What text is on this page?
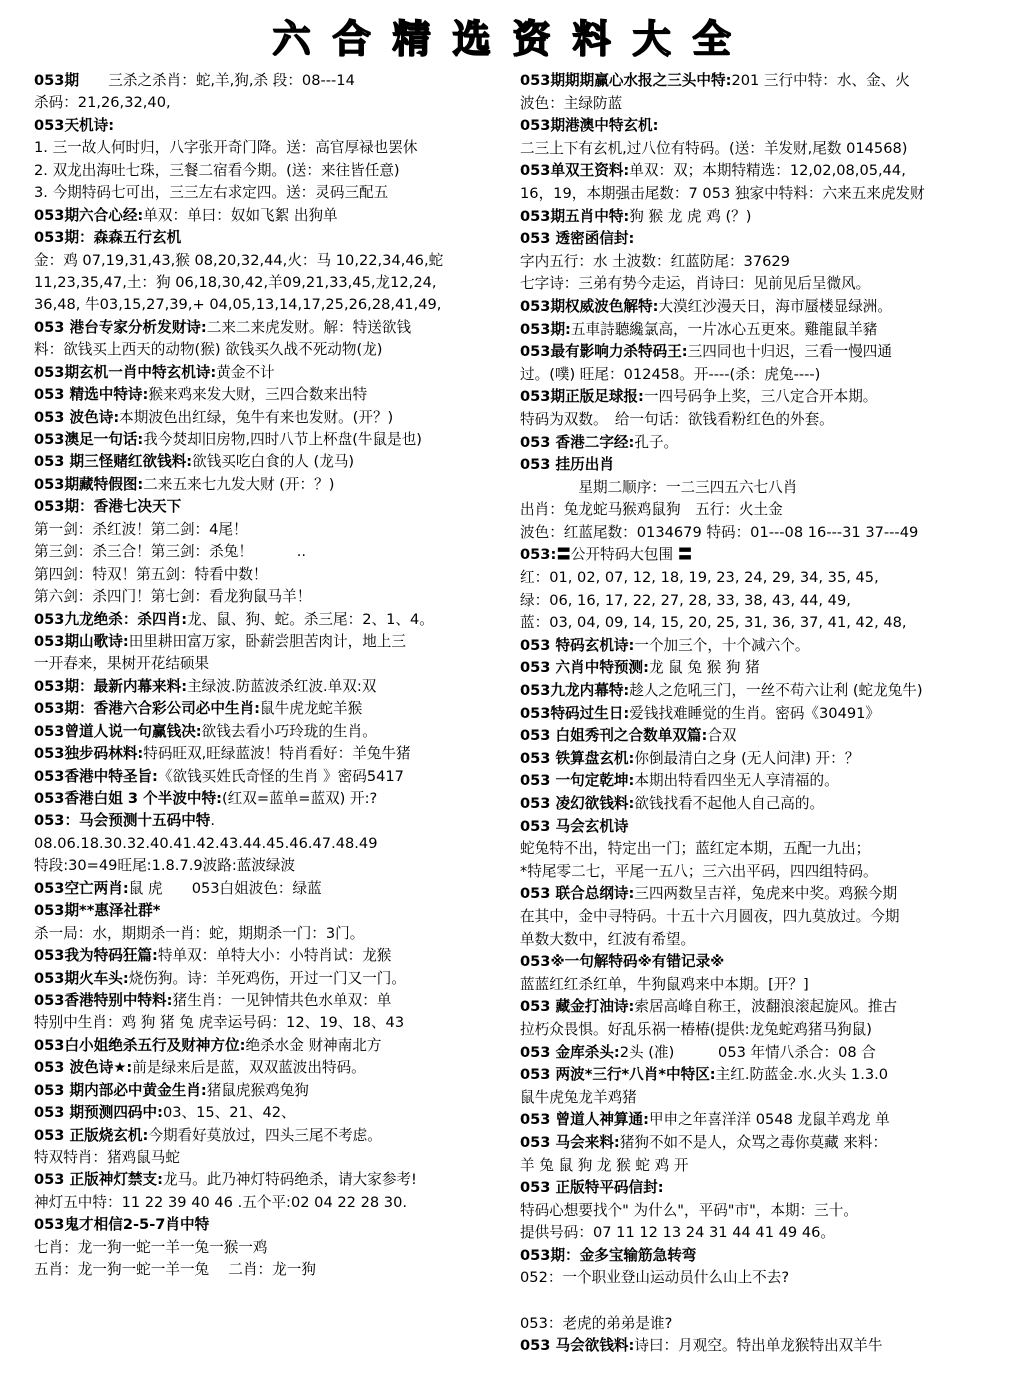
六合精选资料大全
053期　　三杀之杀肖：蛇,羊,狗,杀 段：08---14
杀码：21,26,32,40,
053天机诗:
1. 三一故人何时归，八字张开奇门降。送：高官厚禄也罢休
2. 双龙出海吐七珠，三餐二宿看今期。(送：来往皆任意)
3. 今期特码七可出，三三左右求定四。送：灵码三配五
053期六合心经:单双：单曰：奴如飞絮 出狗单
053期：森森五行玄机
金：鸡 07,19,31,43,猴 08,20,32,44,火：马 10,22,34,46,蛇
11,23,35,47,土：狗 06,18,30,42,羊09,21,33,45,龙12,24,
36,48, 牛03,15,27,39,+ 04,05,13,14,17,25,26,28,41,49,
053 港台专家分析发财诗:二来二来虎发财。解：特送欲钱
料：欲钱买上西天的动物(猴) 欲钱买久战不死动物(龙)
053期玄机一肖中特玄机诗:黄金不计
053 精选中特诗:猴来鸡来发大财，三四合数来出特
053 波色诗:本期波色出红绿，兔牛有来也发财。(开？)
053澳足一句话:我今焚却旧房物,四时八节上杯盘(牛鼠是也)
053 期三怪赌红欲钱料:欲钱买吃白食的人 (龙马)
053期藏特假图:二来五来七九发大财 (开：？)
053期：香港七决天下
第一剑：杀红波！第二剑：4尾！
第三剑：杀三合！第三剑：杀兔！　　　..
第四剑：特双！第五剑：特看中数！
第六剑：杀四门！第七剑：看龙狗鼠马羊！
053九龙绝杀：杀四肖:龙、鼠、狗、蛇。杀三尾：2、1、4。
053期山歌诗:田里耕田富万家，卧薪尝胆苦肉计，地上三
一开春来，果树开花结硕果
053期：最新内幕来料:主绿波.防蓝波杀红波.单双:双
053期：香港六合彩公司必中生肖:鼠牛虎龙蛇羊猴
053曾道人说一句赢钱决:欲钱去看小巧玲珑的生肖。
053独步码林料:特码旺双,旺绿蓝波！特肖看好：羊兔牛猪
053香港中特圣旨:《欲钱买姓氏奇怪的生肖 》密码5417
053香港白姐 3 个半波中特:(红双=蓝单=蓝双) 开:?
053：马会预测十五码中特.
08.06.18.30.32.40.41.42.43.44.45.46.47.48.49
特段:30=49旺尾:1.8.7.9波路:蓝波绿波
053空亡两肖:鼠 虎　　053白姐波色：绿蓝
053期**惠泽社群*
杀一局：水，期期杀一肖：蛇，期期杀一门：3门。
053我为特码狂篇:特单双：单特大小：小特肖试：龙猴
053期火车头:烧伤狗。诗：羊死鸡伤，开过一门又一门。
053香港特别中特料:猪生肖：一见钟情共色水单双：单
特别中生肖：鸡 狗 猪 兔 虎幸运号码：12、19、18、43
053白小姐绝杀五行及财神方位:绝杀水金 财神南北方
053 波色诗★:前是绿来后是蓝，双双蓝波出特码。
053 期内部必中黄金生肖:猪鼠虎猴鸡兔狗
053 期预测四码中:03、15、21、42、
053 正版烧玄机:今期看好莫放过，四头三尾不考虑。
特双特肖：猪鸡鼠马蛇
053 正版神灯禁支:龙马。此乃神灯特码绝杀，请大家参考!
神灯五中特：11 22 39 40 46 .五个平:02 04 22 28 30.
053鬼才相信2-5-7肖中特
七肖：龙一狗一蛇一羊一兔一猴一鸡
五肖：龙一狗一蛇一羊一兔　 二肖：龙一狗
053期期期赢心水报之三头中特:201 三行中特：水、金、火
波色：主绿防蓝
053期港澳中特玄机:
二三上下有玄机,过八位有特码。(送：羊发财,尾数 014568)
053单双王资料:单双：双；本期特精选：12,02,08,05,44,
16，19，本期强击尾数：7 053 独家中特料：六来五来虎发财
053期五肖中特:狗 猴 龙 虎 鸡 (？)
053 透密函信封:
字内五行：水 土波数：红蓝防尾：37629
七字诗：三弟有势今走运，肖诗曰：见前见后呈微风。
053期权威波色解特:大漠红沙漫天日，海市蜃楼显绿洲。
053期:五車詩聽纔氯高，一片冰心五更來。雞龍鼠羊豬
053最有影响力杀特码王:三四同也十归迟，三看一慢四通
过。(噗) 旺尾：012458。开----(杀：虎兔----)
053期正版足球报:一四号码争上奖，三八定合开本期。
特码为双数。　给一句话：欲钱看粉红色的外套。
053 香港二字经:孔子。
053 挂历出肖
　　　　星期二顺序：一二三四五六七八肖
出肖：兔龙蛇马猴鸡鼠狗　五行：火土金
波色：红蓝尾数：0134679 特码：01---08 16---31 37---49
053:〓公开特码大包围 〓
红：01, 02, 07, 12, 18, 19, 23, 24, 29, 34, 35, 45,
绿：06, 16, 17, 22, 27, 28, 33, 38, 43, 44, 49,
蓝：03, 04, 09, 14, 15, 20, 25, 31, 36, 37, 41, 42, 48,
053 特码玄机诗:一个加三个，十个减六个。
053 六肖中特预测:龙 鼠 兔 猴 狗 猪
053九龙内幕特:趁人之危吼三门，一丝不苟六让利 (蛇龙兔牛)
053特码过生日:爱钱找难睡觉的生肖。密码《30491》
053 白姐秀刊之合数单双篇:合双
053 铁算盘玄机:你倒最清白之身 (无人问津) 开：？
053 一句定乾坤:本期出特看四坐无人享清福的。
053 凌幻欲钱料:欲钱找看不起他人自己高的。
053 马会玄机诗
蛇兔特不出，特定出一门；蓝红定本期，五配一九出；
*特尾零二七，平尾一五八；三六出平码，四四组特码。
053 联合总纲诗:三四两数呈吉祥，兔虎来中奖。鸡猴今期
在其中，金中寻特码。十五十六月圆夜，四九莫放过。今期
单数大数中，红波有希望。
053※一句解特码※有错记录※
蓝蓝红红杀红单，牛狗鼠鸡来中本期。[开？]
053 藏金打油诗:索居高峰自称王，波翻浪滚起旋风。推古
拉朽众畏惧。好乱乐祸一椿椿(提供:龙兔蛇鸡猪马狗鼠)
053 金库杀头:2头 (准)　　　053 年情八杀合：08 合
053 两波*三行*八肖*中特区:主红.防蓝金.水.火头 1.3.0
鼠牛虎兔龙羊鸡猪
053 曾道人神算通:甲申之年喜洋洋 0548 龙鼠羊鸡龙 单
053 马会来料:猪狗不如不是人，众骂之毒你莫藏 来料：
羊 兔 鼠 狗 龙 猴 蛇 鸡 开
053 正版特平码信封:
特码心想要找个" 为什么"，平码"市"，本期：三十。
提供号码：07 11 12 13 24 31 44 41 49 46。
053期：金多宝输筋急转弯
052：一个职业登山运动员什么山上不去?
053：老虎的弟弟是谁?
053 马会欲钱料:诗曰：月观空。特出单龙猴特出双羊牛
